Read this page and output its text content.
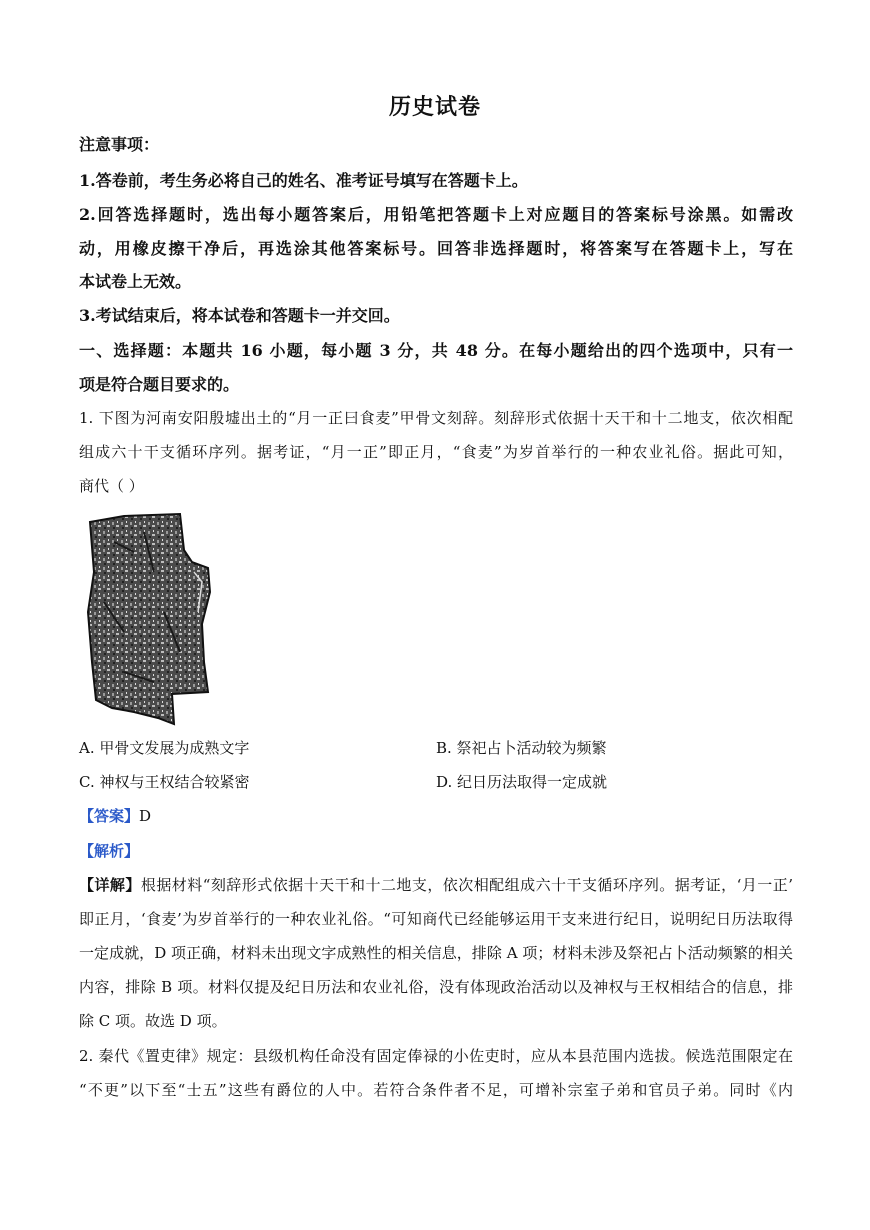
历史试卷
注意事项：
1.答卷前，考生务必将自己的姓名、准考证号填写在答题卡上。
2.回答选择题时，选出每小题答案后，用铅笔把答题卡上对应题目的答案标号涂黑。如需改
动，用橡皮擦干净后，再选涂其他答案标号。回答非选择题时，将答案写在答题卡上，写在
本试卷上无效。
3.考试结束后，将本试卷和答题卡一并交回。
一、选择题：本题共 16 小题，每小题 3 分，共 48 分。在每小题给出的四个选项中，只有一
项是符合题目要求的。
1. 下图为河南安阳殷墟出土的“月一正曰食麦”甲骨文刻辞。刻辞形式依据十天干和十二地支，依次相配
组成六十干支循环序列。据考证，“月一正”即正月，“食麦”为岁首举行的一种农业礼俗。据此可知，
商代（ ）
A. 甲骨文发展为成熟文字	B. 祭祀占卜活动较为频繁
C. 神权与王权结合较紧密	D. 纪日历法取得一定成就
【答案】D
【解析】
【详解】根据材料“刻辞形式依据十天干和十二地支，依次相配组成六十干支循环序列。据考证，‘月一正’
即正月，‘食麦’为岁首举行的一种农业礼俗。“可知商代已经能够运用干支来进行纪日，说明纪日历法取得
一定成就，D 项正确，材料未出现文字成熟性的相关信息，排除 A 项；材料未涉及祭祀占卜活动频繁的相关
内容，排除 B 项。材料仅提及纪日历法和农业礼俗，没有体现政治活动以及神权与王权相结合的信息，排
除 C 项。故选 D 项。
2. 秦代《置吏律》规定：县级机构任命没有固定俸禄的小佐吏时，应从本县范围内选拔。候选范围限定在
“不更”以下至“士五”这些有爵位的人中。若符合条件者不足，可增补宗室子弟和官员子弟。同时《内
